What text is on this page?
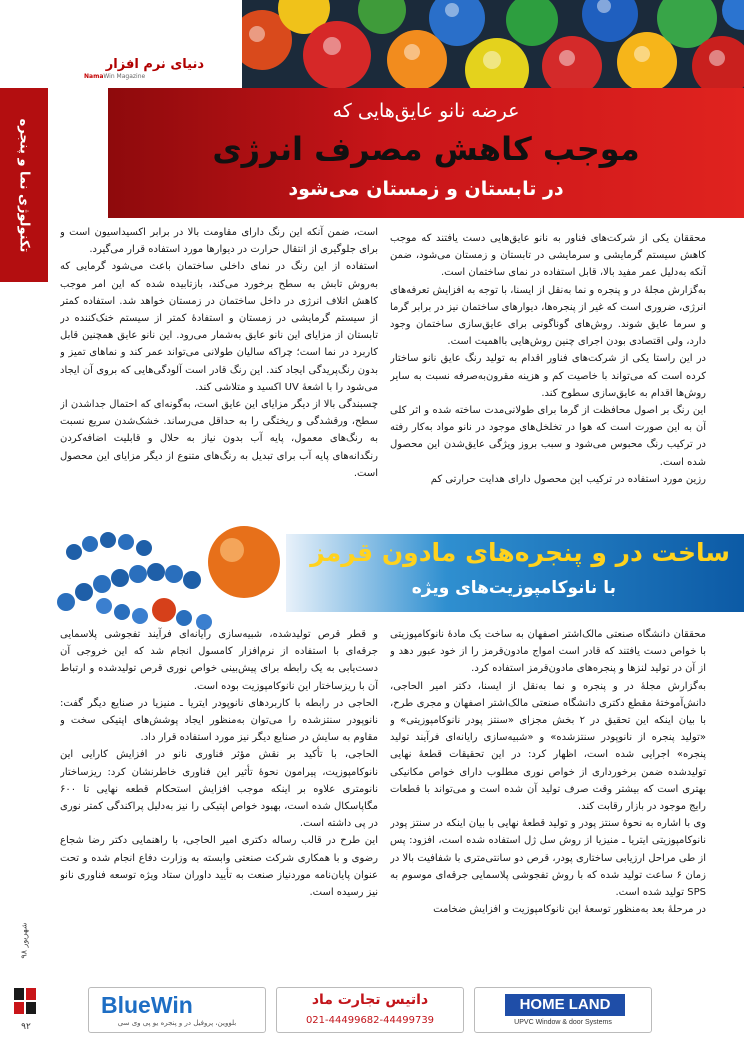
دنیای نرم افزار
NamaWin Magazine
تکنولوژی نما و پنجره
عرضه نانو عایق‌هایی که
موجب کاهش مصرف انرژی
در تابستان و زمستان می‌شود

محققان یکی از شرکت‌های فناور به نانو عایق‌هایی دست یافتند که موجب کاهش سیستم گرمایشی و سرمایشی در تابستان و زمستان می‌شود، ضمن آنکه به‌دلیل عمر مفید بالا، قابل استفاده در نمای ساختمان است.

به‌گزارش مجلۀ در و پنجره و نما به‌نقل از ایسنا، با توجه به افزایش تعرفه‌های انرژی، ضروری است که غیر از پنجره‌ها، دیوارهای ساختمان نیز در برابر گرما و سرما عایق شوند. روش‌های گوناگونی برای عایق‌سازی ساختمان وجود دارد، ولی اقتصادی بودن اجرای چنین روش‌هایی بااهمیت است.

در این راستا یکی از شرکت‌های فناور اقدام به تولید رنگ عایق نانو ساختار کرده است که می‌تواند با خاصیت کم و هزینه مقرون‌به‌صرفه نسبت به سایر روش‌ها اقدام به عایق‌سازی سطوح کند.

این رنگ بر اصول محافظت از گرما برای طولانی‌مدت ساخته شده و اثر کلی آن به این صورت است که هوا در تخلخل‌های موجود در نانو مواد به‌کار رفته در ترکیب رنگ محبوس می‌شود و سبب بروز ویژگی عایق‌شدن این محصول شده است.

رزین مورد استفاده در ترکیب این محصول دارای هدایت حرارتی کم

است، ضمن آنکه این رنگ دارای مقاومت بالا در برابر اکسیداسیون است و برای جلوگیری از انتقال حرارت در دیوارها مورد استفاده قرار می‌گیرد.

استفاده از این رنگ در نمای داخلی ساختمان باعث می‌شود گرمایی که به‌روش تابش به سطح برخورد می‌کند، بازتابیده شده که این امر موجب کاهش اتلاف انرژی در داخل ساختمان در زمستان خواهد شد. استفاده کمتر از سیستم گرمایشی در زمستان و استفادۀ کمتر از سیستم خنک‌کننده در تابستان از مزایای این نانو عایق به‌شمار می‌رود. این نانو عایق همچنین قابل کاربرد در نما است؛ چراکه سالیان طولانی می‌تواند عمر کند و نماهای تمیز و بدون رنگ‌پریدگی ایجاد کند. این رنگ قادر است آلودگی‌هایی که بروی آن ایجاد می‌شود را با اشعۀ UV اکسید و متلاشی کند.

چسبندگی بالا از دیگر مزایای این عایق است، به‌گونه‌ای که احتمال جداشدن از سطح، ورقشدگی و ریختگی را به حداقل می‌رساند. خشک‌شدن سریع نسبت به رنگ‌های معمول، پایه آب بدون نیاز به حلال و قابلیت اضافه‌کردن رنگدانه‌های پایه آب برای تبدیل به رنگ‌های متنوع از دیگر مزایای این محصول است.

ساخت در و پنجره‌های مادون قرمز
با نانوکامپوزیت‌های ویژه

محققان دانشگاه صنعتی مالک‌اشتر اصفهان به ساخت یک مادۀ نانوکامپوزیتی با خواص دست یافتند که قادر است امواج مادون‌قرمز را از خود عبور دهد و از آن در تولید لنزها و پنجره‌های مادون‌قرمز استفاده کرد.

به‌گزارش مجلۀ در و پنجره و نما به‌نقل از ایسنا، دکتر امیر الحاجی، دانش‌آموختۀ مقطع دکتری دانشگاه صنعتی مالک‌اشتر اصفهان و مجری طرح، با بیان اینکه این تحقیق در ۲ بخش مجزای «سنتز پودر نانوکامپوزیتی» و «تولید پنجره از نانوپودر سنتزشده» و «شبیه‌سازی رایانه‌ای فرآیند تولید پنجره» اجرایی شده است، اظهار کرد: در این تحقیقات قطعۀ نهایی تولیدشده ضمن برخورداری از خواص نوری مطلوب دارای خواص مکانیکی بهتری است که بیشتر وقت صرف تولید آن شده است و می‌تواند با قطعات رایج موجود در بازار رقابت کند.

وی با اشاره به نحوۀ سنتز پودر و تولید قطعۀ نهایی با بیان اینکه در سنتز پودر نانوکامپوزیتی ایتریا ـ منیزیا از روش سل ژل استفاده شده است، افزود: پس از طی مراحل ارزیابی ساختاری پودر، قرص دو سانتی‌متری با شفافیت بالا در زمان ۶ ساعت تولید شده که با روش تفجوشی پلاسمایی جرقه‌ای موسوم به SPS تولید شده است.

در مرحلۀ بعد به‌منظور توسعۀ این نانوکامپوزیت و افزایش ضخامت

و قطر قرص تولیدشده، شبیه‌سازی رایانه‌ای فرآیند تفجوشی پلاسمایی جرقه‌ای با استفاده از نرم‌افزار کامسول انجام شد که این خروجی آن دست‌یابی به یک رابطه برای پیش‌بینی خواص نوری قرص تولیدشده و ارتباط آن با ریزساختار این نانوکامپوزیت بوده است.

الحاجی در رابطه با کاربردهای نانوپودر ایتریا ـ منیزیا در صنایع دیگر گفت: نانوپودر سنتزشده را می‌توان به‌منظور ایجاد پوشش‌های اپتیکی سخت و مقاوم به سایش در صنایع دیگر نیز مورد استفاده قرار داد.

الحاجی، با تأکید بر نقش مؤثر فناوری نانو در افزایش کارایی این نانوکامپوزیت، پیرامون نحوۀ تأثیر این فناوری خاطرنشان کرد: ریزساختار نانومتری علاوه بر اینکه موجب افزایش استحکام قطعه نهایی تا ۶۰۰ مگاپاسکال شده است، بهبود خواص اپتیکی را نیز به‌دلیل پراکندگی کمتر نوری در پی داشته است.

این طرح در قالب رساله دکتری امیر الحاجی، با راهنمایی دکتر رضا شجاع رضوی و با همکاری شرکت صنعتی وابسته به وزارت دفاع انجام شده و تحت عنوان پایان‌نامه موردنیاز صنعت به تأیید داوران ستاد ویژه توسعه فناوری نانو نیز رسیده است.

شهریور ۹۸
۹۲
BlueWin
بلووین، پروفیل در و پنجره یو پی وی سی
داتیس تجارت ماد
021-44499682-44499739
HOME LAND
UPVC Window & door Systems
